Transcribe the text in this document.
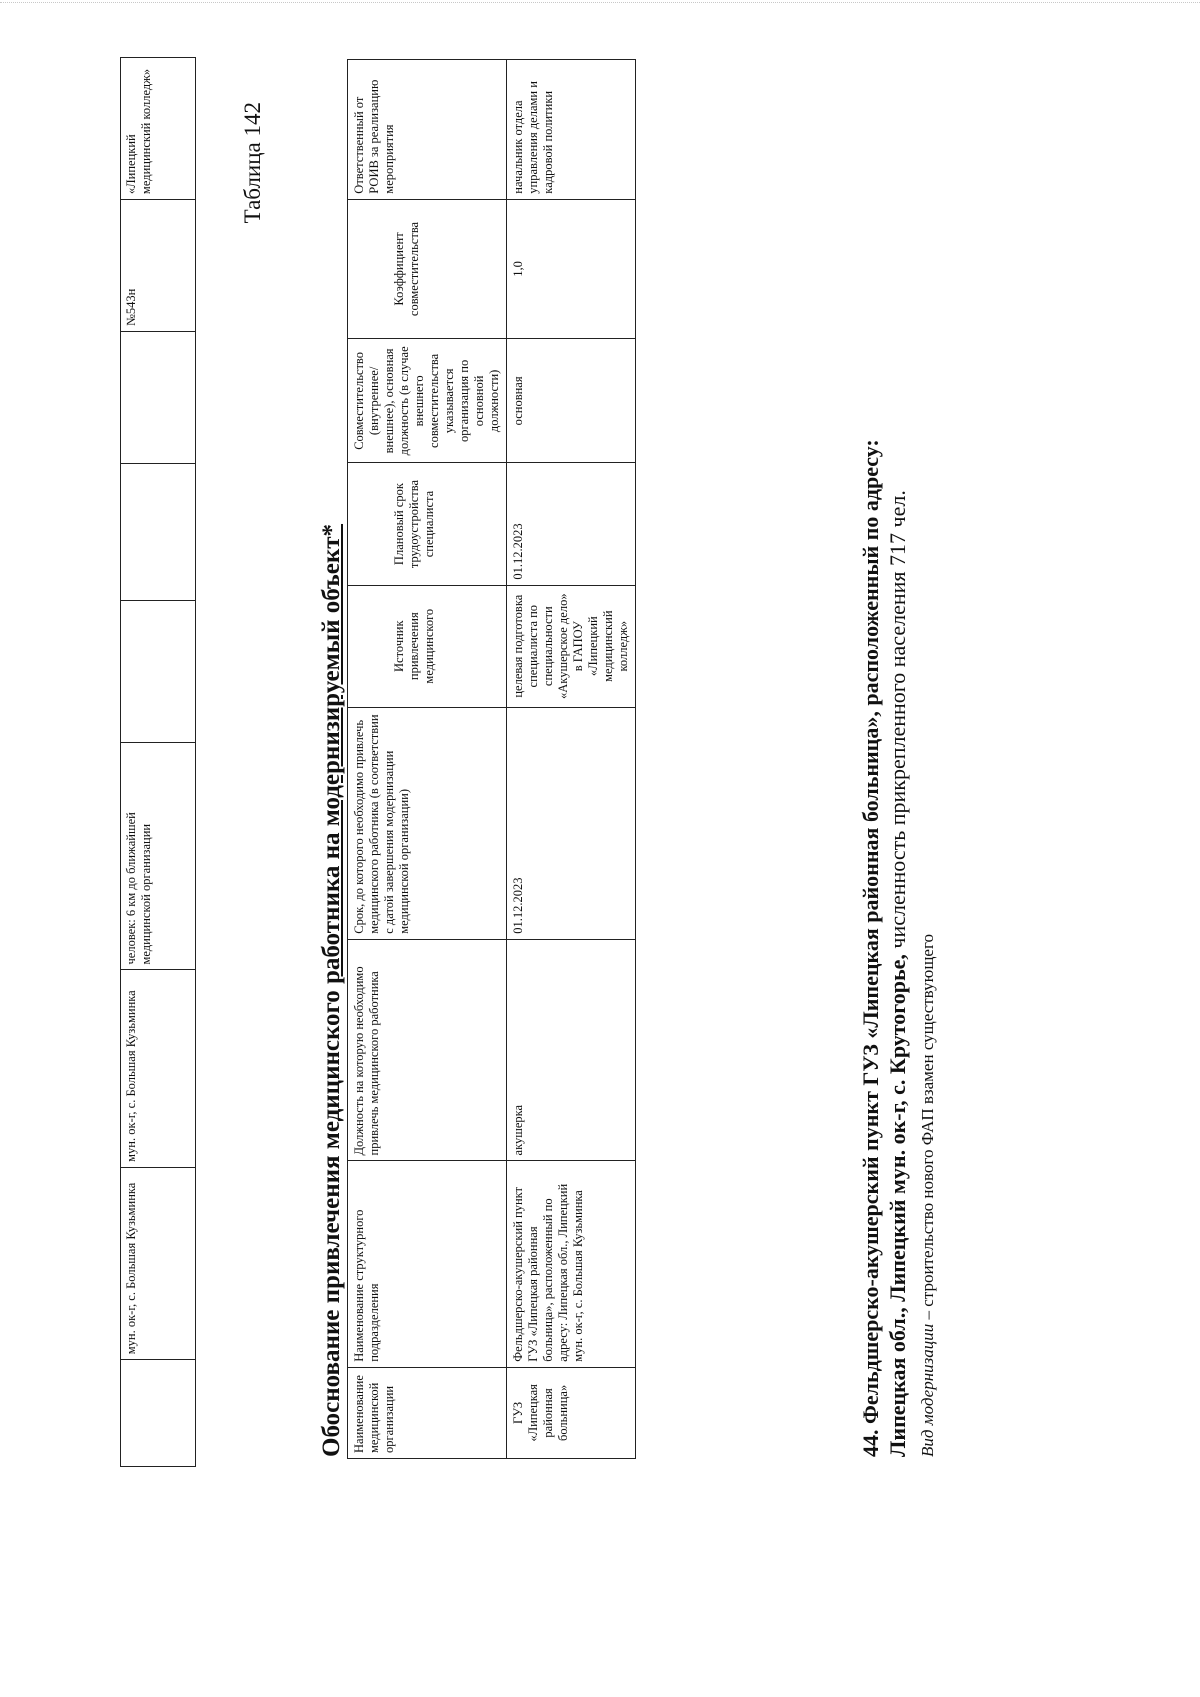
	мун. ок-г, с. Большая Кузьминка	мун. ок-г, с. Большая Кузьминка	человек: 6 км до ближайшей медицинской организации				№543н	«Липецкий медицинский колледж»	Таблица 142
Обоснование привлечения медицинского работника на модернизируемый объект*
Наименование медицинской организации	Наименование структурного подразделения	Должность на которую необходимо привлечь медицинского работника	Срок, до которого необходимо привлечь медицинского работника (в соответствии с датой завершения модернизации медицинской организации)	Источник привлечения медицинского	Плановый срок трудоустройства специалиста	Совместительство (внутреннее/внешнее), основная должность (в случае внешнего совместительства указывается организация по основной должности)	Коэффициент совместительства	Ответственный от РОИВ за реализацию мероприятия
ГУЗ «Липецкая районная больница»	Фельдшерско-акушерский пункт ГУЗ «Липецкая районная больница», расположенный по адресу: Липецкая обл., Липецкий мун. ок-г, с. Большая Кузьминка	акушерка	01.12.2023	целевая подготовка специалиста по специальности «Акушерское дело» в ГАПОУ «Липецкий медицинский колледж»	01.12.2023	основная	1,0	начальник отдела управления делами и кадровой политики
44. Фельдшерско-акушерский пункт ГУЗ «Липецкая районная больница», расположенный по адресу: Липецкая обл., Липецкий мун. ок-г, с. Крутогорье, численность прикрепленного населения 717 чел.
Вид модернизации – строительство нового ФАП взамен существующего
